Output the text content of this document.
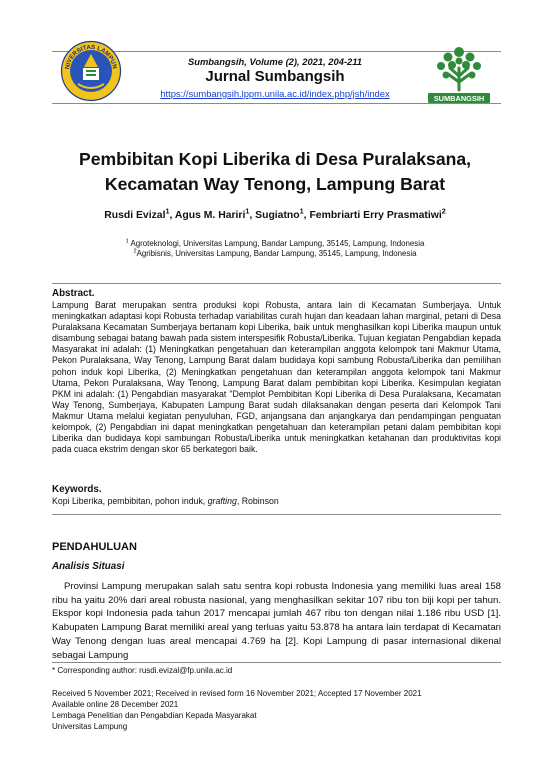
NIVERSITAS LAMPUN
SUMBANGSIH
Sumbangsih, Volume (2), 2021, 204-211
Jurnal Sumbangsih
https://sumbangsih.lppm.unila.ac.id/index.php/jsh/index
Pembibitan Kopi Liberika di Desa Puralaksana,
Kecamatan Way Tenong, Lampung Barat
Rusdi Evizal$^1$, Agus M. Hariri$^1$, Sugiatno$^1$, Fembriarti Erry Prasmatiwi$^2$
$^1$ Agroteknologi, Universitas Lampung, Bandar Lampung, 35145, Lampung, Indonesia
$^2$Agribisnis, Universitas Lampung, Bandar Lampung, 35145, Lampung, Indonesia
Abstract.

Lampung Barat merupakan sentra produksi kopi Robusta, antara lain di Kecamatan Sumberjaya. Untuk meningkatkan adaptasi kopi Robusta terhadap variabilitas curah hujan dan keadaan lahan marginal, petani di Desa Puralaksana Kecamatan Sumberjaya bertanam kopi Liberika, baik untuk menghasilkan kopi Liberika maupun untuk disambung sebagai batang bawah pada sistem interspesifik Robusta/Liberika. Tujuan kegiatan Pengabdian kepada Masyarakat ini adalah: (1) Meningkatkan pengetahuan dan keterampilan anggota kelompok tani Makmur Utama, Pekon Puralaksana, Way Tenong, Lampung Barat dalam budidaya kopi sambung Robusta/Liberika dan pemilihan pohon induk kopi Liberika, (2) Meningkatkan pengetahuan dan keterampilan anggota kelompok tani Makmur Utama, Pekon Puralaksana, Way Tenong, Lampung Barat dalam pembibitan kopi Liberika. Kesimpulan kegiatan PKM ini adalah: (1) Pengabdian masyarakat "Demplot Pembibitan Kopi Liberika di Desa Puralaksana, Kecamatan Way Tenong, Sumberjaya, Kabupaten Lampung Barat sudah dilaksanakan dengan peserta dari Kelompok Tani Makmur Utama melalui kegiatan penyuluhan, FGD, anjangsana dan anjangkarya dan pendampingan penguatan kelompok, (2) Pengabdian ini dapat meningkatkan pengetahuan dan keterampilan petani dalam pembibitan kopi Liberika dan budidaya kopi sambungan Robusta/Liberika untuk meningkatkan ketahanan dan produktivitas kopi pada cuaca ekstrim dengan skor 65 berkategori baik.

Keywords.
Kopi Liberika, pembibitan, pohon induk, grafting, Robinson
PENDAHULUAN
Analisis Situasi

Provinsi Lampung merupakan salah satu sentra kopi robusta Indonesia yang memiliki luas areal 158 ribu ha yaitu 20% dari areal robusta nasional, yang menghasilkan sekitar 107 ribu ton biji kopi per tahun. Ekspor kopi Indonesia pada tahun 2017 mencapai jumlah 467 ribu ton dengan nilai 1.186 ribu USD [1]. Kabupaten Lampung Barat memiliki areal yang terluas yaitu 53.878 ha antara lain terdapat di Kecamatan Way Tenong dengan luas areal mencapai 4.769 ha [2]. Kopi Lampung di pasar internasional dikenal sebagai Lampung

* Corresponding author: rusdi.evizal@fp.unila.ac.id
Received 5 November 2021; Received in revised form 16 November 2021; Accepted 17 November 2021
Available online 28 December 2021
Lembaga Penelitian dan Pengabdian Kepada Masyarakat
Universitas Lampung
